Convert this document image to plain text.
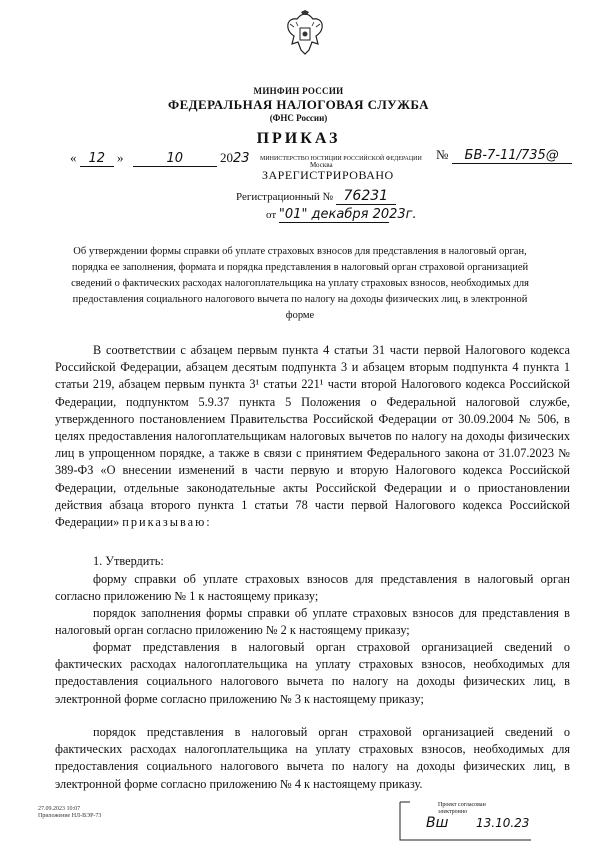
МИНФИН РОССИИ
ФЕДЕРАЛЬНАЯ НАЛОГОВАЯ СЛУЖБА
(ФНС России)
ПРИКАЗ
« 12 »	10	2023	№ БВ-7-11/735@
МИНИСТЕРСТВО ЮСТИЦИИ РОССИЙСКОЙ ФЕДЕРАЦИИ
Москва
ЗАРЕГИСТРИРОВАНО
Регистрационный № 76231
от "01" декабря 2023г.
Об утверждении формы справки об уплате страховых взносов для представления в налоговый орган, порядка ее заполнения, формата и порядка представления в налоговый орган страховой организацией сведений о фактических расходах налогоплательщика на уплату страховых взносов, необходимых для предоставления социального налогового вычета по налогу на доходы физических лиц, в электронной форме
В соответствии с абзацем первым пункта 4 статьи 31 части первой Налогового кодекса Российской Федерации, абзацем десятым подпункта 3 и абзацем вторым подпункта 4 пункта 1 статьи 219, абзацем первым пункта 3¹ статьи 221¹ части второй Налогового кодекса Российской Федерации, подпунктом 5.9.37 пункта 5 Положения о Федеральной налоговой службе, утвержденного постановлением Правительства Российской Федерации от 30.09.2004 № 506, в целях предоставления налогоплательщикам налоговых вычетов по налогу на доходы физических лиц в упрощенном порядке, а также в связи с принятием Федерального закона от 31.07.2023 № 389-ФЗ «О внесении изменений в части первую и вторую Налогового кодекса Российской Федерации, отдельные законодательные акты Российской Федерации и о приостановлении действия абзаца второго пункта 1 статьи 78 части первой Налогового кодекса Российской Федерации» приказываю:
1. Утвердить:
форму справки об уплате страховых взносов для представления в налоговый орган согласно приложению № 1 к настоящему приказу;
порядок заполнения формы справки об уплате страховых взносов для представления в налоговый орган согласно приложению № 2 к настоящему приказу;
формат представления в налоговый орган страховой организацией сведений о фактических расходах налогоплательщика на уплату страховых взносов, необходимых для предоставления социального налогового вычета по налогу на доходы физических лиц, в электронной форме согласно приложению № 3 к настоящему приказу;
порядок представления в налоговый орган страховой организацией сведений о фактических расходах налогоплательщика на уплату страховых взносов, необходимых для предоставления социального налогового вычета по налогу на доходы физических лиц, в электронной форме согласно приложению № 4 к настоящему приказу.
27.09.2023 10:07
Приложение НЛ-ВЭР-73
Проект согласован
электронно
Вш 13.10.23
